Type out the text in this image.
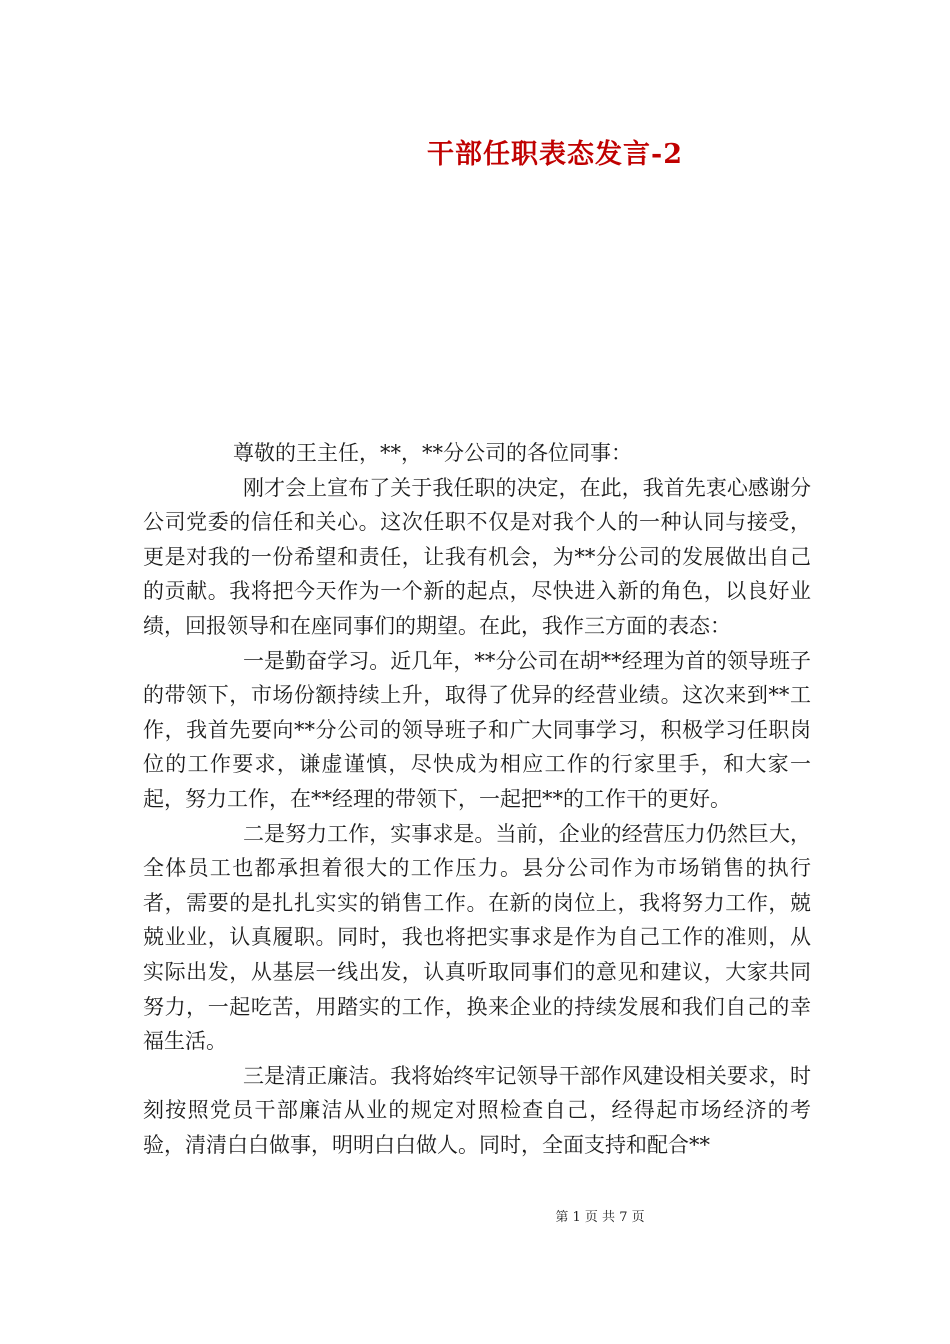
干部任职表态发言-2

尊敬的王主任，**，**分公司的各位同事：

刚才会上宣布了关于我任职的决定，在此，我首先衷心感谢分公司党委的信任和关心。这次任职不仅是对我个人的一种认同与接受，更是对我的一份希望和责任，让我有机会，为**分公司的发展做出自己的贡献。我将把今天作为一个新的起点，尽快进入新的角色，以良好业绩，回报领导和在座同事们的期望。在此，我作三方面的表态：

一是勤奋学习。近几年，**分公司在胡**经理为首的领导班子的带领下，市场份额持续上升，取得了优异的经营业绩。这次来到**工作，我首先要向**分公司的领导班子和广大同事学习，积极学习任职岗位的工作要求，谦虚谨慎，尽快成为相应工作的行家里手，和大家一起，努力工作，在**经理的带领下，一起把**的工作干的更好。

二是努力工作，实事求是。当前，企业的经营压力仍然巨大，全体员工也都承担着很大的工作压力。县分公司作为市场销售的执行者，需要的是扎扎实实的销售工作。在新的岗位上，我将努力工作，兢兢业业，认真履职。同时，我也将把实事求是作为自己工作的准则，从实际出发，从基层一线出发，认真听取同事们的意见和建议，大家共同努力，一起吃苦，用踏实的工作，换来企业的持续发展和我们自己的幸福生活。

三是清正廉洁。我将始终牢记领导干部作风建设相关要求，时刻按照党员干部廉洁从业的规定对照检查自己，经得起市场经济的考验，清清白白做事，明明白白做人。同时，全面支持和配合**

第 1 页 共 7 页
